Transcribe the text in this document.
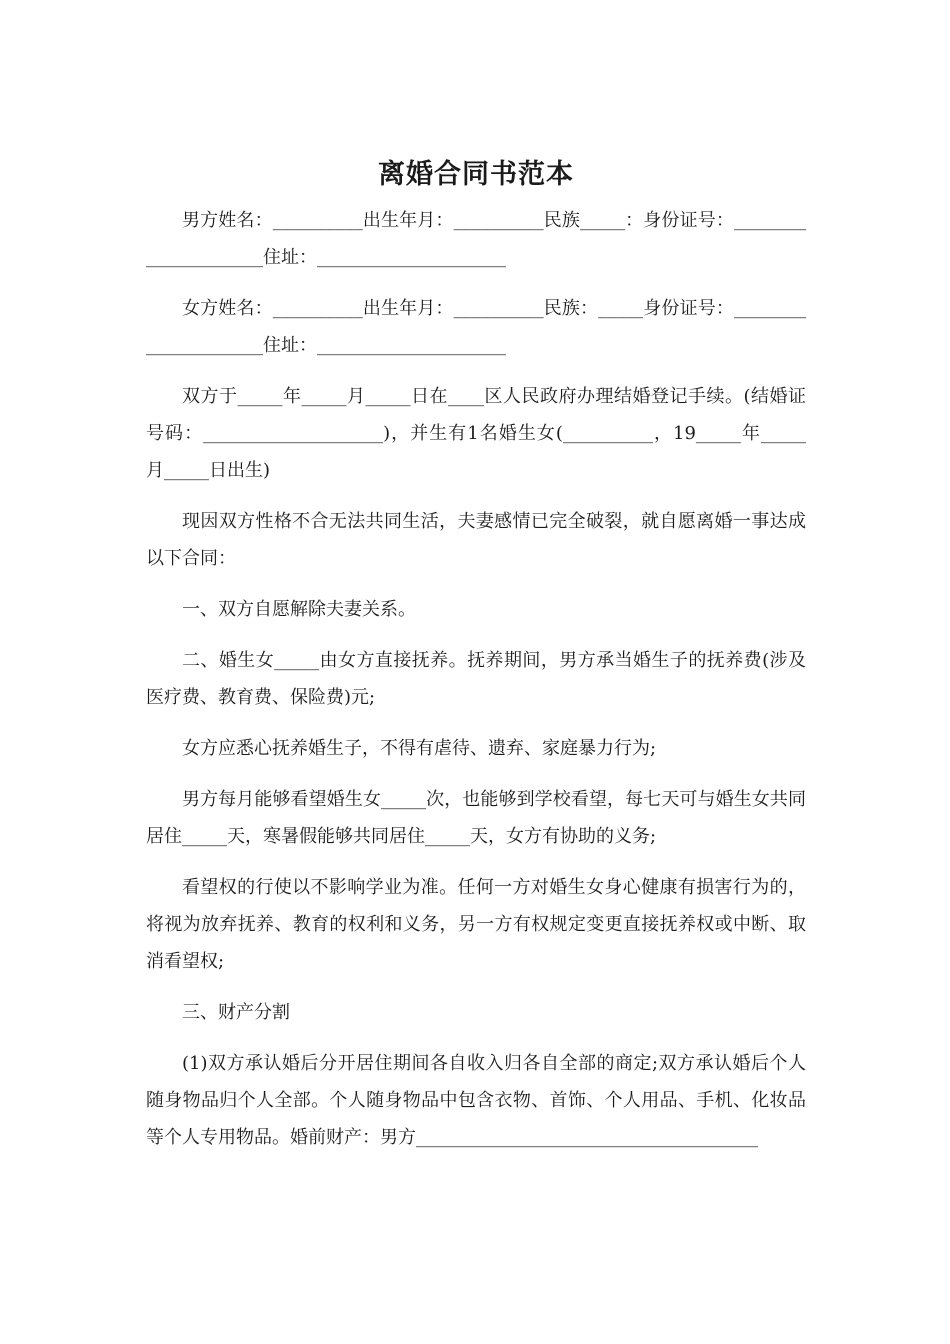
离婚合同书范本

男方姓名：__________出生年月：__________民族_____：身份证号：_____________________住址：_____________________

女方姓名：__________出生年月：__________民族：_____身份证号：_____________________住址：_____________________

双方于_____年_____月_____日在____区人民政府办理结婚登记手续。(结婚证号码：____________________)，并生有1名婚生女(__________，19_____年_____月_____日出生)

现因双方性格不合无法共同生活，夫妻感情已完全破裂，就自愿离婚一事达成以下合同：

一、双方自愿解除夫妻关系。

二、婚生女_____由女方直接抚养。抚养期间，男方承当婚生子的抚养费(涉及医疗费、教育费、保险费)元;

女方应悉心抚养婚生子，不得有虐待、遗弃、家庭暴力行为;

男方每月能够看望婚生女_____次，也能够到学校看望，每七天可与婚生女共同居住_____天，寒暑假能够共同居住_____天，女方有协助的义务;

看望权的行使以不影响学业为准。任何一方对婚生女身心健康有损害行为的，将视为放弃抚养、教育的权利和义务，另一方有权规定变更直接抚养权或中断、取消看望权;

三、财产分割

(1)双方承认婚后分开居住期间各自收入归各自全部的商定;双方承认婚后个人随身物品归个人全部。个人随身物品中包含衣物、首饰、个人用品、手机、化妆品等个人专用物品。婚前财产：男方______________________________________
